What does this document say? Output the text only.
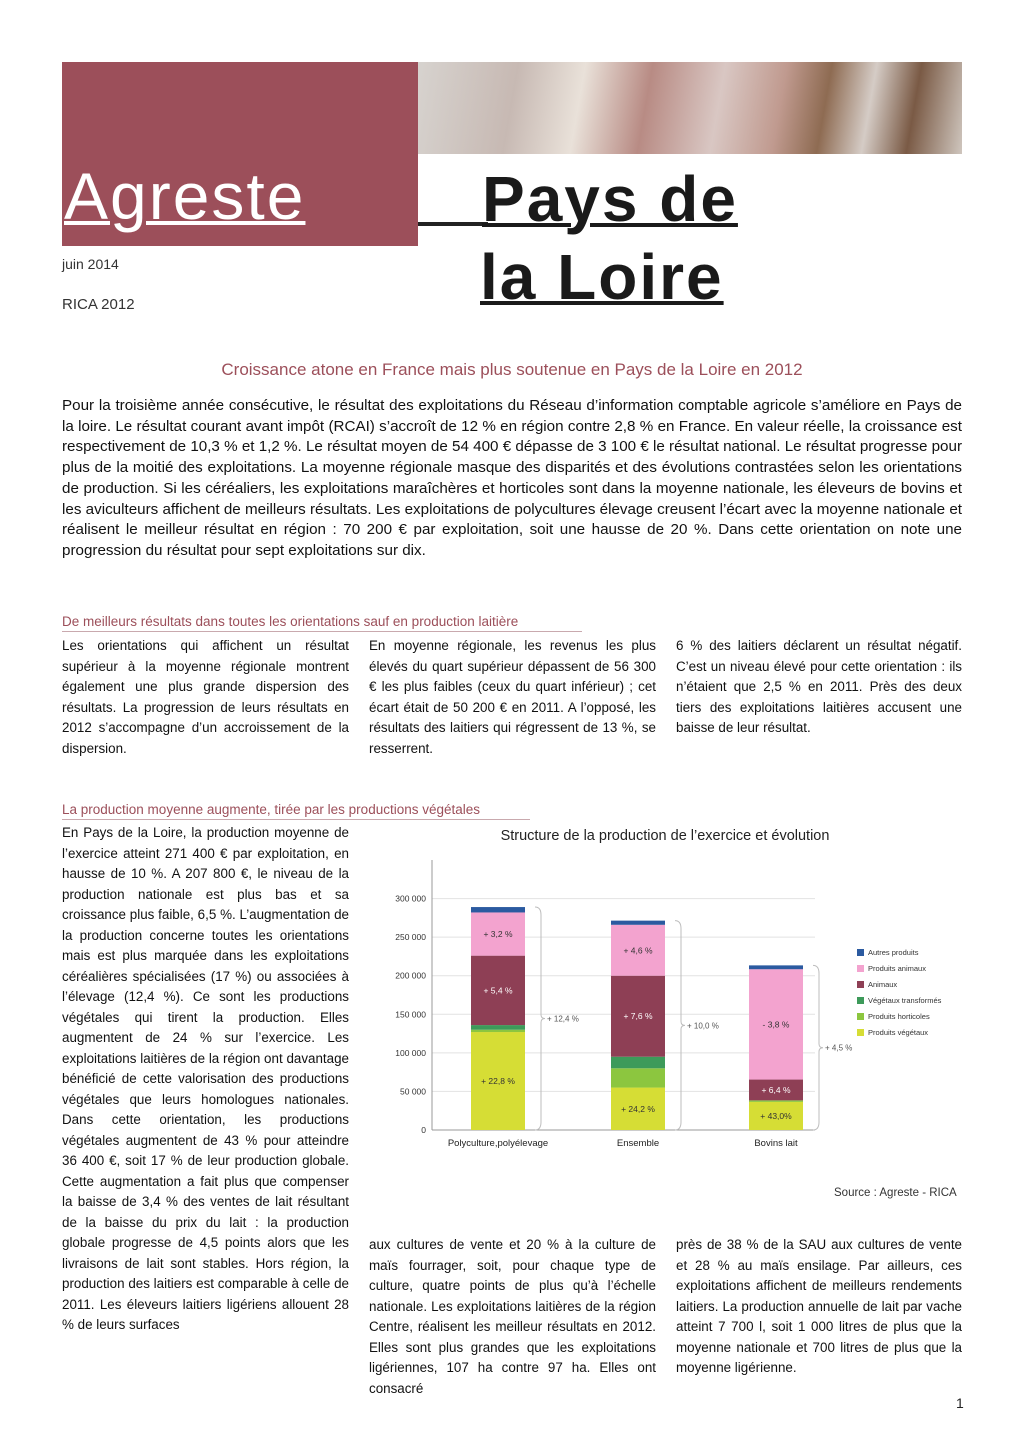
Agreste	Pays de
la Loire
juin 2014
RICA 2012
Croissance atone en France mais plus soutenue en Pays de la Loire en 2012
Pour la troisième année consécutive, le résultat des exploitations du Réseau d’information comptable agricole s’améliore en Pays de la loire. Le résultat courant avant impôt (RCAI) s’accroît de 12 % en région contre 2,8 % en France. En valeur réelle, la croissance est respectivement de 10,3 % et 1,2 %. Le résultat moyen de 54 400 € dépasse de 3 100 € le résultat national. Le résultat progresse pour plus de la moitié des exploitations. La moyenne régionale masque des disparités et des évolutions contrastées selon les orientations de production. Si les céréaliers, les exploitations maraîchères et horticoles sont dans la moyenne nationale, les éleveurs de bovins et les aviculteurs affichent de meilleurs résultats. Les exploitations de polycultures élevage creusent l’écart avec la moyenne nationale et réalisent le meilleur résultat en région : 70 200 € par exploitation, soit une hausse de 20 %. Dans cette orientation on note une progression du résultat pour sept exploitations sur dix.
De meilleurs résultats dans toutes les orientations sauf en production laitière
Les orientations qui affichent un résultat supérieur à la moyenne régionale montrent également une plus grande dispersion des résultats. La progression de leurs résultats en 2012 s’accompagne d’un accroissement de la dispersion.
En moyenne régionale, les revenus les plus élevés du quart supérieur dépassent de 56 300 € les plus faibles (ceux du quart inférieur) ; cet écart était de 50 200 € en 2011. A l’opposé, les résultats des laitiers qui régressent de 13 %, se resserrent.
6 % des laitiers déclarent un résultat négatif. C’est un niveau élevé pour cette orientation : ils n’étaient que 2,5 % en 2011. Près des deux tiers des exploitations laitières accusent une baisse de leur résultat.
La production moyenne augmente, tirée par les productions végétales
En Pays de la Loire, la production moyenne de l’exercice atteint 271 400 € par exploitation, en hausse de 10 %. A 207 800 €, le niveau de la production nationale est plus bas et sa croissance plus faible, 6,5 %. L’augmentation de la production concerne toutes les orientations mais est plus marquée dans les exploitations céréalières spécialisées (17 %) ou associées à l’élevage (12,4 %). Ce sont les productions végétales qui tirent la production. Elles augmentent de 24 % sur l’exercice. Les exploitations laitières de la région ont davantage bénéficié de cette valorisation des productions végétales que leurs homologues nationales. Dans cette orientation, les productions végétales augmentent de 43 % pour atteindre 36 400 €, soit 17 % de leur production globale. Cette augmentation a fait plus que compenser la baisse de 3,4 % des ventes de lait résultant de la baisse du prix du lait : la production globale progresse de 4,5 points alors que les livraisons de lait sont stables. Hors région, la production des laitiers est comparable à celle de 2011. Les éleveurs laitiers ligériens allouent 28 % de leurs surfaces
aux cultures de vente et 20 % à la culture de maïs fourrager, soit, pour chaque type de culture, quatre points de plus qu’à l’échelle nationale. Les exploitations laitières de la région Centre, réalisent les meilleur résultats en 2012. Elles sont plus grandes que les exploitations ligériennes, 107 ha contre 97 ha. Elles ont consacré
près de 38 % de la SAU aux cultures de vente et 28 % au maïs ensilage. Par ailleurs, ces exploitations affichent de meilleurs rendements laitiers. La production annuelle de lait par vache atteint 7 700 l, soit 1 000 litres de plus que la moyenne nationale et 700 litres de plus que la moyenne ligérienne.
Structure de la production de l’exercice et évolution
0
50 000
100 000
150 000
200 000
250 000
300 000
+ 22,8 %
+ 5,4 %
+ 3,2 %
+ 12,4 %
Polyculture,polyélevage
+ 24,2 %
+ 7,6 %
+ 4,6 %
+ 10,0 %
Ensemble
+ 43,0%
+ 6,4 %
- 3,8 %
+ 4,5 %
Bovins lait
Autres produits
Produits animaux
Animaux
Végétaux transformés
Produits horticoles
Produits végétaux
Source : Agreste - RICA
1
